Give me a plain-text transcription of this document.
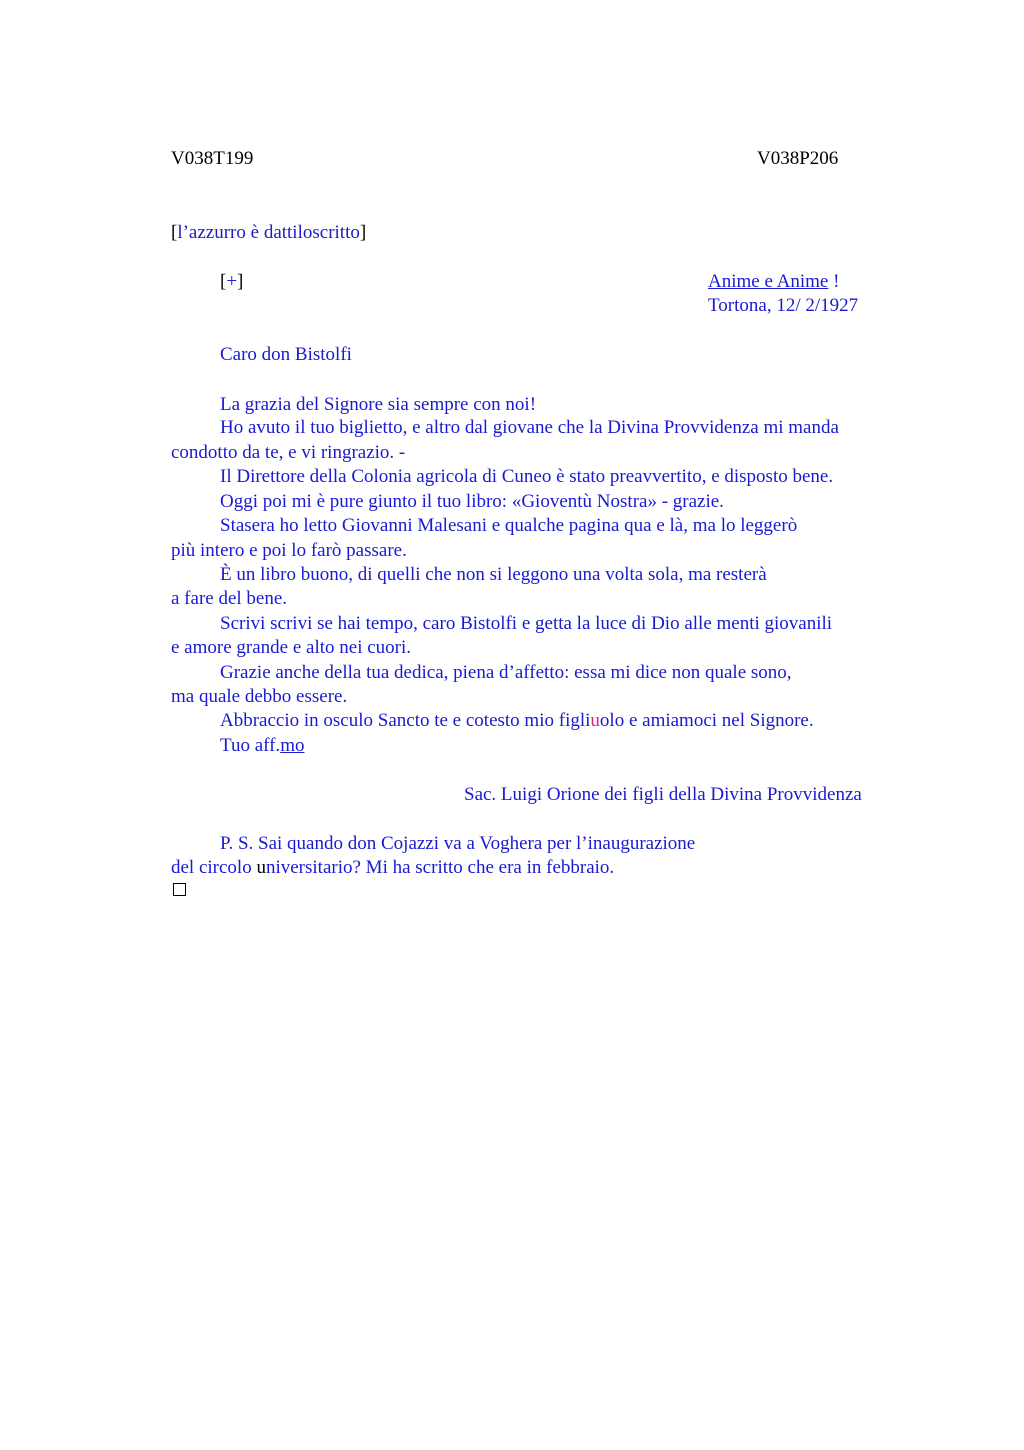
V038T199	V038P206
[l’azzurro è dattiloscritto]
[+]	Anime e Anime !
Tortona, 12/ 2/1927
Caro don Bistolfi
La grazia del Signore sia sempre con noi!
Ho avuto il tuo biglietto, e altro dal giovane che la Divina Provvidenza mi manda
condotto da te, e vi ringrazio. -
Il Direttore della Colonia agricola di Cuneo è stato preavvertito, e disposto bene.
Oggi poi mi è pure giunto il tuo libro: «Gioventù Nostra» - grazie.
Stasera ho letto Giovanni Malesani e qualche pagina qua e là, ma lo leggerò
più intero e poi lo farò passare.
È un libro buono, di quelli che non si leggono una volta sola, ma resterà
a fare del bene.
Scrivi scrivi se hai tempo, caro Bistolfi e getta la luce di Dio alle menti giovanili
e amore grande e alto nei cuori.
Grazie anche della tua dedica, piena d’affetto: essa mi dice non quale sono,
ma quale debbo essere.
Abbraccio in osculo Sancto te e cotesto mio figliuolo e amiamoci nel Signore.
Tuo aff.mo
Sac. Luigi Orione dei figli della Divina Provvidenza
P. S. Sai quando don Cojazzi va a Voghera per l’inaugurazione
del circolo universitario? Mi ha scritto che era in febbraio.
